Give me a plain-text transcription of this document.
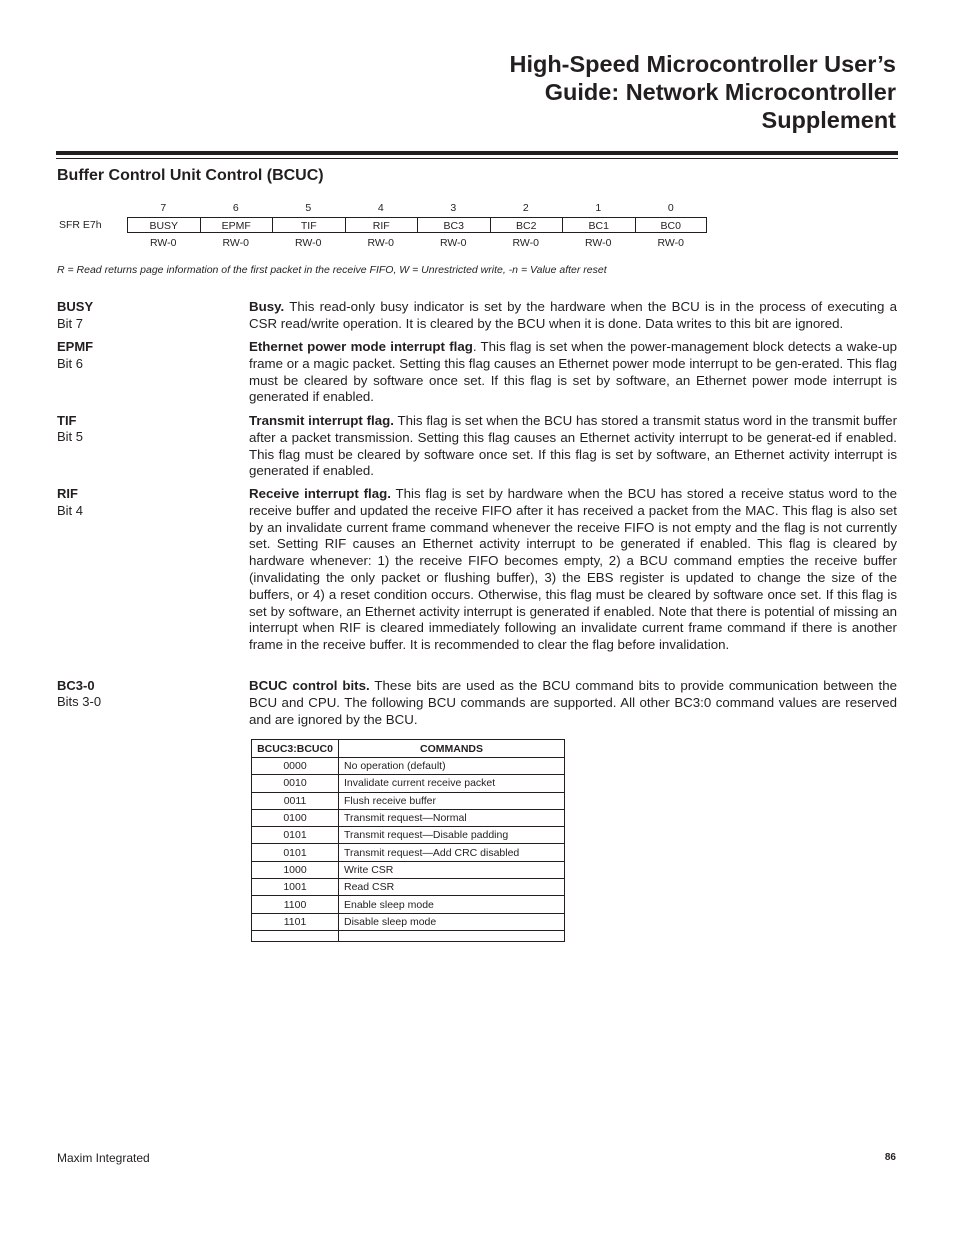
High-Speed Microcontroller User’s
Guide: Network Microcontroller
Supplement
Buffer Control Unit Control (BCUC)
SFR E7h
7	6	5	4	3	2	1	0
BUSY	EPMF	TIF	RIF	BC3	BC2	BC1	BC0
RW-0	RW-0	RW-0	RW-0	RW-0	RW-0	RW-0	RW-0
R = Read returns page information of the first packet in the receive FIFO, W = Unrestricted write, -n = Value after reset
BUSY
Bit 7

Busy. This read-only busy indicator is set by the hardware when the BCU is in the process of executing a CSR read/write operation. It is cleared by the BCU when it is done. Data writes to this bit are ignored.

EPMF
Bit 6

Ethernet power mode interrupt flag. This flag is set when the power-management block detects a wake-up frame or a magic packet. Setting this flag causes an Ethernet power mode interrupt to be gen-erated. This flag must be cleared by software once set. If this flag is set by software, an Ethernet power mode interrupt is generated if enabled.

TIF
Bit 5

Transmit interrupt flag. This flag is set when the BCU has stored a transmit status word in the transmit buffer after a packet transmission. Setting this flag causes an Ethernet activity interrupt to be generat-ed if enabled. This flag must be cleared by software once set. If this flag is set by software, an Ethernet activity interrupt is generated if enabled.

RIF
Bit 4

Receive interrupt flag. This flag is set by hardware when the BCU has stored a receive status word to the receive buffer and updated the receive FIFO after it has received a packet from the MAC. This flag is also set by an invalidate current frame command whenever the receive FIFO is not empty and the flag is not currently set. Setting RIF causes an Ethernet activity interrupt to be generated if enabled. This flag is cleared by hardware whenever: 1) the receive FIFO becomes empty, 2) a BCU command empties the receive buffer (invalidating the only packet or flushing buffer), 3) the EBS register is updated to change the size of the buffers, or 4) a reset condition occurs. Otherwise, this flag must be cleared by software once set. If this flag is set by software, an Ethernet activity interrupt is generated if enabled. Note that there is potential of missing an interrupt when RIF is cleared immediately following an invalidate current frame command if there is another frame in the receive buffer. It is recommended to clear the flag before invalidation.

BC3-0
Bits 3-0

BCUC control bits. These bits are used as the BCU command bits to provide communication between the BCU and CPU. The following BCU commands are supported. All other BC3:0 command values are reserved and are ignored by the BCU.

BCUC3:BCUC0	COMMANDS
0000	No operation (default)
0010	Invalidate current receive packet
0011	Flush receive buffer
0100	Transmit request—Normal
0101	Transmit request—Disable padding
0101	Transmit request—Add CRC disabled
1000	Write CSR
1001	Read CSR
1100	Enable sleep mode
1101	Disable sleep mode

Maxim Integrated	86
